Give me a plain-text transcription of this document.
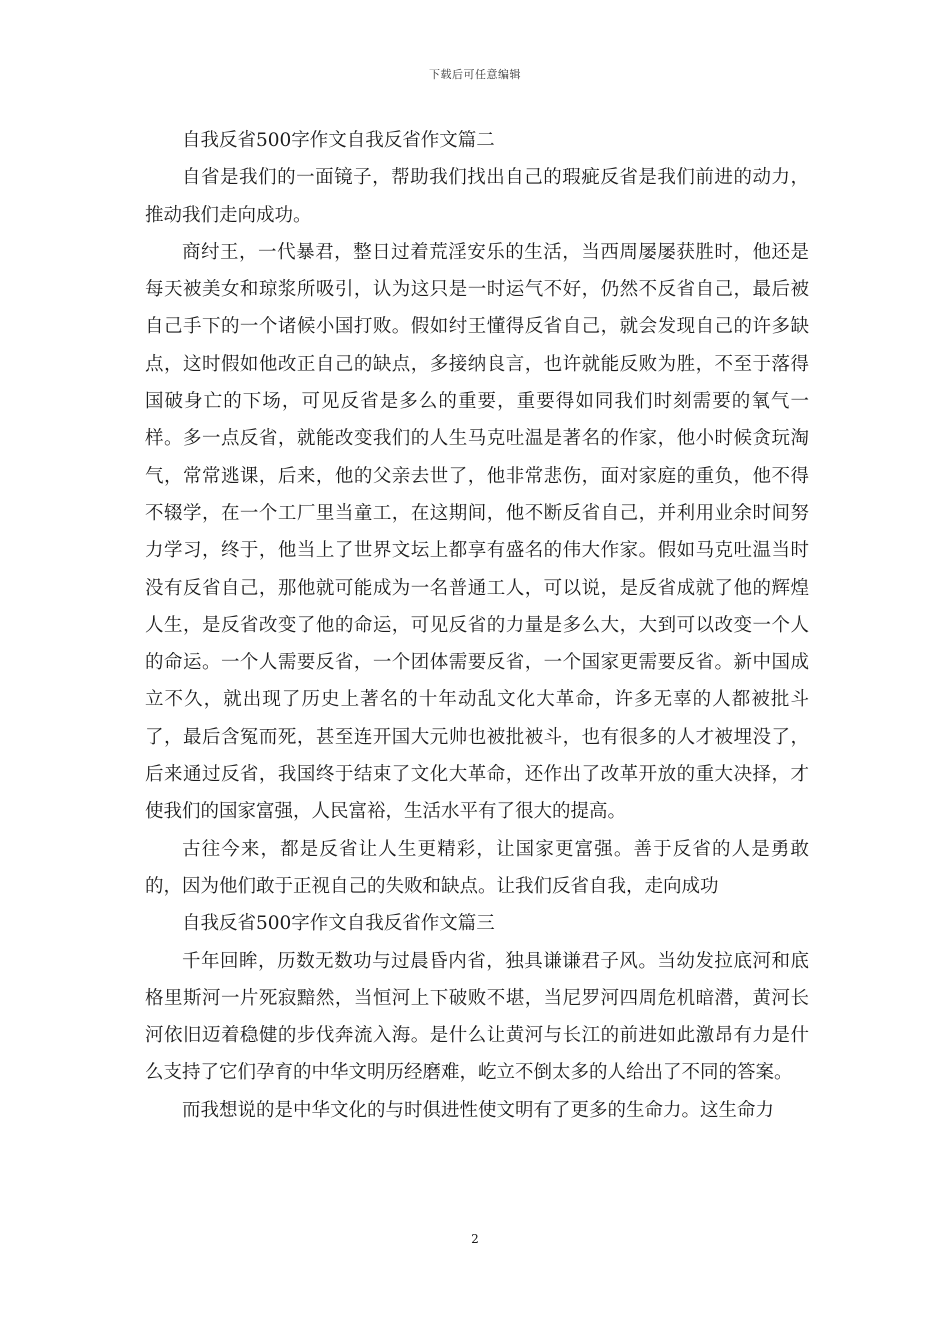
下载后可任意编辑

自我反省500字作文自我反省作文篇二

自省是我们的一面镜子，帮助我们找出自己的瑕疵反省是我们前进的动力，推动我们走向成功。

商纣王，一代暴君，整日过着荒淫安乐的生活，当西周屡屡获胜时，他还是每天被美女和琼浆所吸引，认为这只是一时运气不好，仍然不反省自己，最后被自己手下的一个诸候小国打败。假如纣王懂得反省自己，就会发现自己的许多缺点，这时假如他改正自己的缺点，多接纳良言，也许就能反败为胜，不至于落得国破身亡的下场，可见反省是多么的重要，重要得如同我们时刻需要的氧气一样。多一点反省，就能改变我们的人生马克吐温是著名的作家，他小时候贪玩淘气，常常逃课，后来，他的父亲去世了，他非常悲伤，面对家庭的重负，他不得不辍学，在一个工厂里当童工，在这期间，他不断反省自己，并利用业余时间努力学习，终于，他当上了世界文坛上都享有盛名的伟大作家。假如马克吐温当时没有反省自己，那他就可能成为一名普通工人，可以说，是反省成就了他的辉煌人生，是反省改变了他的命运，可见反省的力量是多么大，大到可以改变一个人的命运。一个人需要反省，一个团体需要反省，一个国家更需要反省。新中国成立不久，就出现了历史上著名的十年动乱文化大革命，许多无辜的人都被批斗了，最后含冤而死，甚至连开国大元帅也被批被斗，也有很多的人才被埋没了，后来通过反省，我国终于结束了文化大革命，还作出了改革开放的重大决择，才使我们的国家富强，人民富裕，生活水平有了很大的提高。

古往今来，都是反省让人生更精彩，让国家更富强。善于反省的人是勇敢的，因为他们敢于正视自己的失败和缺点。让我们反省自我，走向成功

自我反省500字作文自我反省作文篇三

千年回眸，历数无数功与过晨昏内省，独具谦谦君子风。当幼发拉底河和底格里斯河一片死寂黯然，当恒河上下破败不堪，当尼罗河四周危机暗潜，黄河长河依旧迈着稳健的步伐奔流入海。是什么让黄河与长江的前进如此激昂有力是什么支持了它们孕育的中华文明历经磨难，屹立不倒太多的人给出了不同的答案。

而我想说的是中华文化的与时俱进性使文明有了更多的生命力。这生命力

2
